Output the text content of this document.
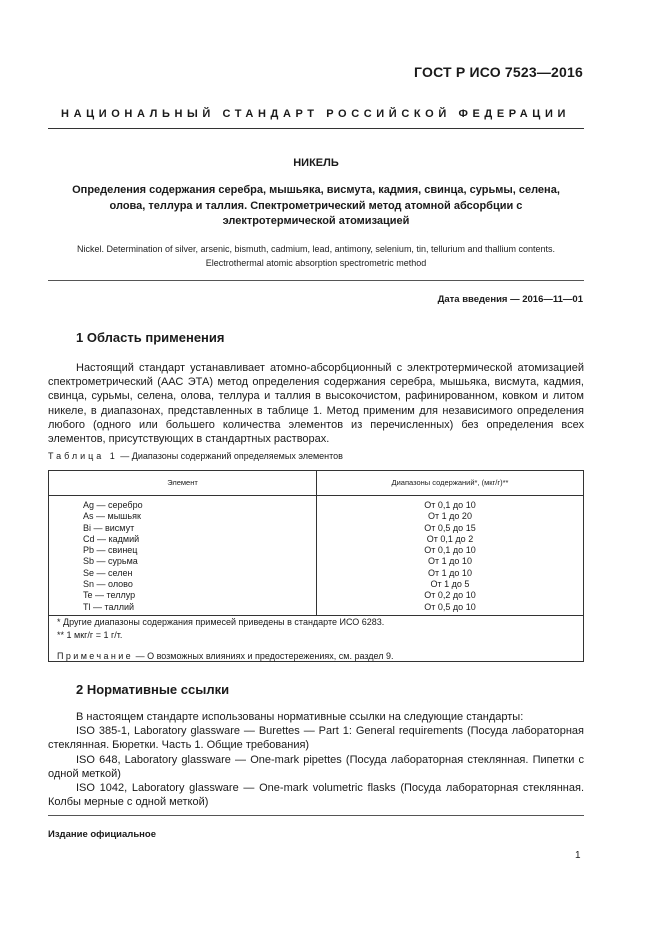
ГОСТ Р ИСО 7523—2016
НАЦИОНАЛЬНЫЙ СТАНДАРТ РОССИЙСКОЙ ФЕДЕРАЦИИ
НИКЕЛЬ
Определения содержания серебра, мышьяка, висмута, кадмия, свинца, сурьмы, селена, олова, теллура и таллия. Спектрометрический метод атомной абсорбции с электротермической атомизацией
Nickel. Determination of silver, arsenic, bismuth, cadmium, lead, antimony, selenium, tin, tellurium and thallium contents.
Electrothermal atomic absorption spectrometric method
Дата введения — 2016—11—01
1 Область применения
Настоящий стандарт устанавливает атомно-абсорбционный с электротермической атомизацией спектрометрический (ААС ЭТА) метод определения содержания серебра, мышьяка, висмута, кадмия, свинца, сурьмы, селена, олова, теллура и таллия в высокочистом, рафинированном, ковком и литом никеле, в диапазонах, представленных в таблице 1. Метод применим для независимого определения любого (одного или большего количества элементов из перечисленных) без определения всех элементов, присутствующих в стандартных растворах.
Таблица 1 — Диапазоны содержаний определяемых элементов
Элемент	Диапазоны содержаний*, (мкг/г)**
Ag — серебро	От 0,1 до 10
As — мышьяк	От 1 до 20
Bi — висмут	От 0,5 до 15
Cd — кадмий	От 0,1 до 2
Pb — свинец	От 0,1 до 10
Sb — сурьма	От 1 до 10
Se — селен	От 1 до 10
Sn — олово	От 1 до 5
Te — теллур	От 0,2 до 10
Tl — таллий	От 0,5 до 10
* Другие диапазоны содержания примесей приведены в стандарте ИСО 6283.
** 1 мкг/г = 1 г/т.
Примечание — О возможных влияниях и предостережениях, см. раздел 9.
2 Нормативные ссылки

В настоящем стандарте использованы нормативные ссылки на следующие стандарты:

ISO 385-1, Laboratory glassware — Burettes — Part 1: General requirements (Посуда лабораторная стеклянная. Бюретки. Часть 1. Общие требования)

ISO 648, Laboratory glassware — One-mark pipettes (Посуда лабораторная стеклянная. Пипетки с одной меткой)

ISO 1042, Laboratory glassware — One-mark volumetric flasks (Посуда лабораторная стеклянная. Колбы мерные с одной меткой)

Издание официальное
1
